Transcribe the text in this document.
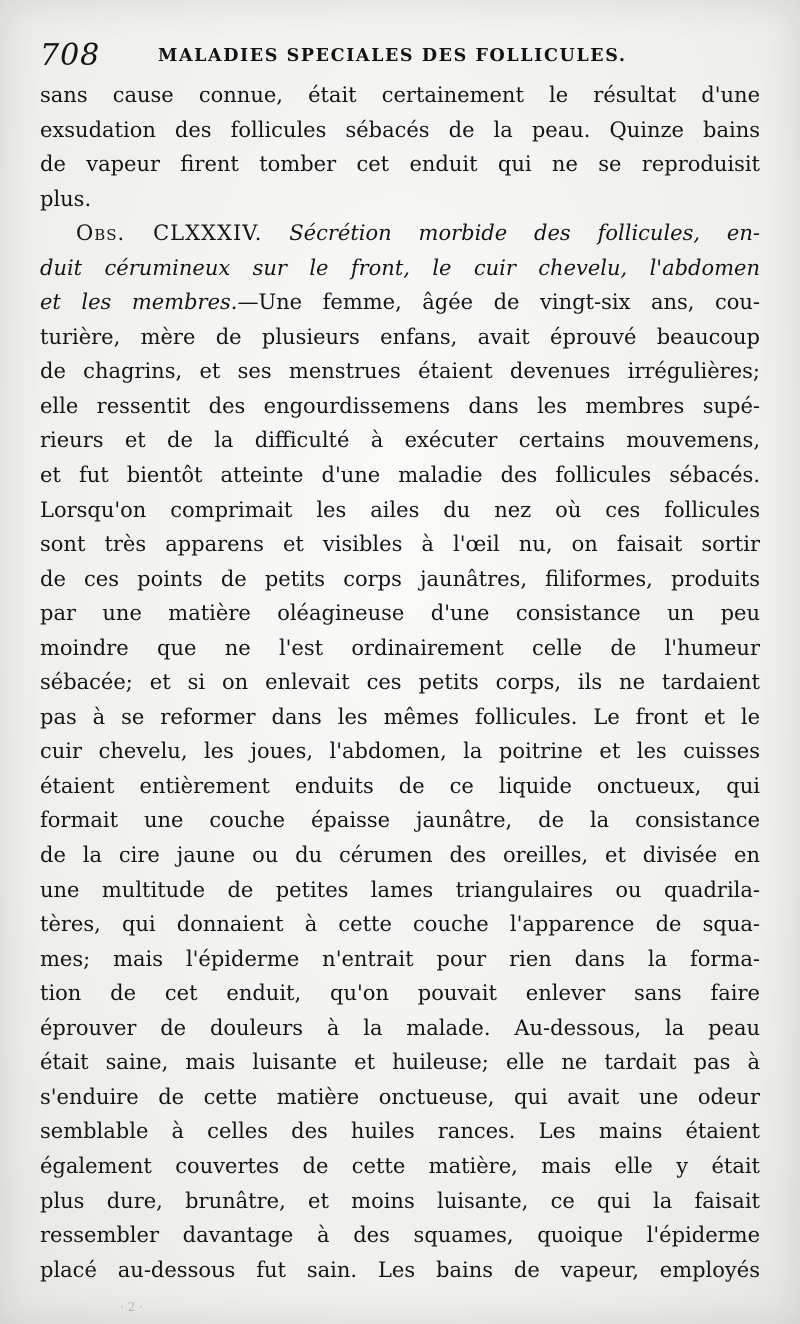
708	MALADIES SPECIALES DES FOLLICULES.
sans cause connue, était certainement le résultat d'une
exsudation des follicules sébacés de la peau. Quinze bains
de vapeur firent tomber cet enduit qui ne se reproduisit
plus.
Obs. CLXXXIV. Sécrétion morbide des follicules, en-
duit cérumineux sur le front, le cuir chevelu, l'abdomen
et les membres.—Une femme, âgée de vingt-six ans, cou-
turière, mère de plusieurs enfans, avait éprouvé beaucoup
de chagrins, et ses menstrues étaient devenues irrégulières;
elle ressentit des engourdissemens dans les membres supé-
rieurs et de la difficulté à exécuter certains mouvemens,
et fut bientôt atteinte d'une maladie des follicules sébacés.
Lorsqu'on comprimait les ailes du nez où ces follicules
sont très apparens et visibles à l'œil nu, on faisait sortir
de ces points de petits corps jaunâtres, filiformes, produits
par une matière oléagineuse d'une consistance un peu
moindre que ne l'est ordinairement celle de l'humeur
sébacée; et si on enlevait ces petits corps, ils ne tardaient
pas à se reformer dans les mêmes follicules. Le front et le
cuir chevelu, les joues, l'abdomen, la poitrine et les cuisses
étaient entièrement enduits de ce liquide onctueux, qui
formait une couche épaisse jaunâtre, de la consistance
de la cire jaune ou du cérumen des oreilles, et divisée en
une multitude de petites lames triangulaires ou quadrila-
tères, qui donnaient à cette couche l'apparence de squa-
mes; mais l'épiderme n'entrait pour rien dans la forma-
tion de cet enduit, qu'on pouvait enlever sans faire
éprouver de douleurs à la malade. Au-dessous, la peau
était saine, mais luisante et huileuse; elle ne tardait pas à
s'enduire de cette matière onctueuse, qui avait une odeur
semblable à celles des huiles rances. Les mains étaient
également couvertes de cette matière, mais elle y était
plus dure, brunâtre, et moins luisante, ce qui la faisait
ressembler davantage à des squames, quoique l'épiderme
placé au-dessous fut sain. Les bains de vapeur, employés
· 2 ·
